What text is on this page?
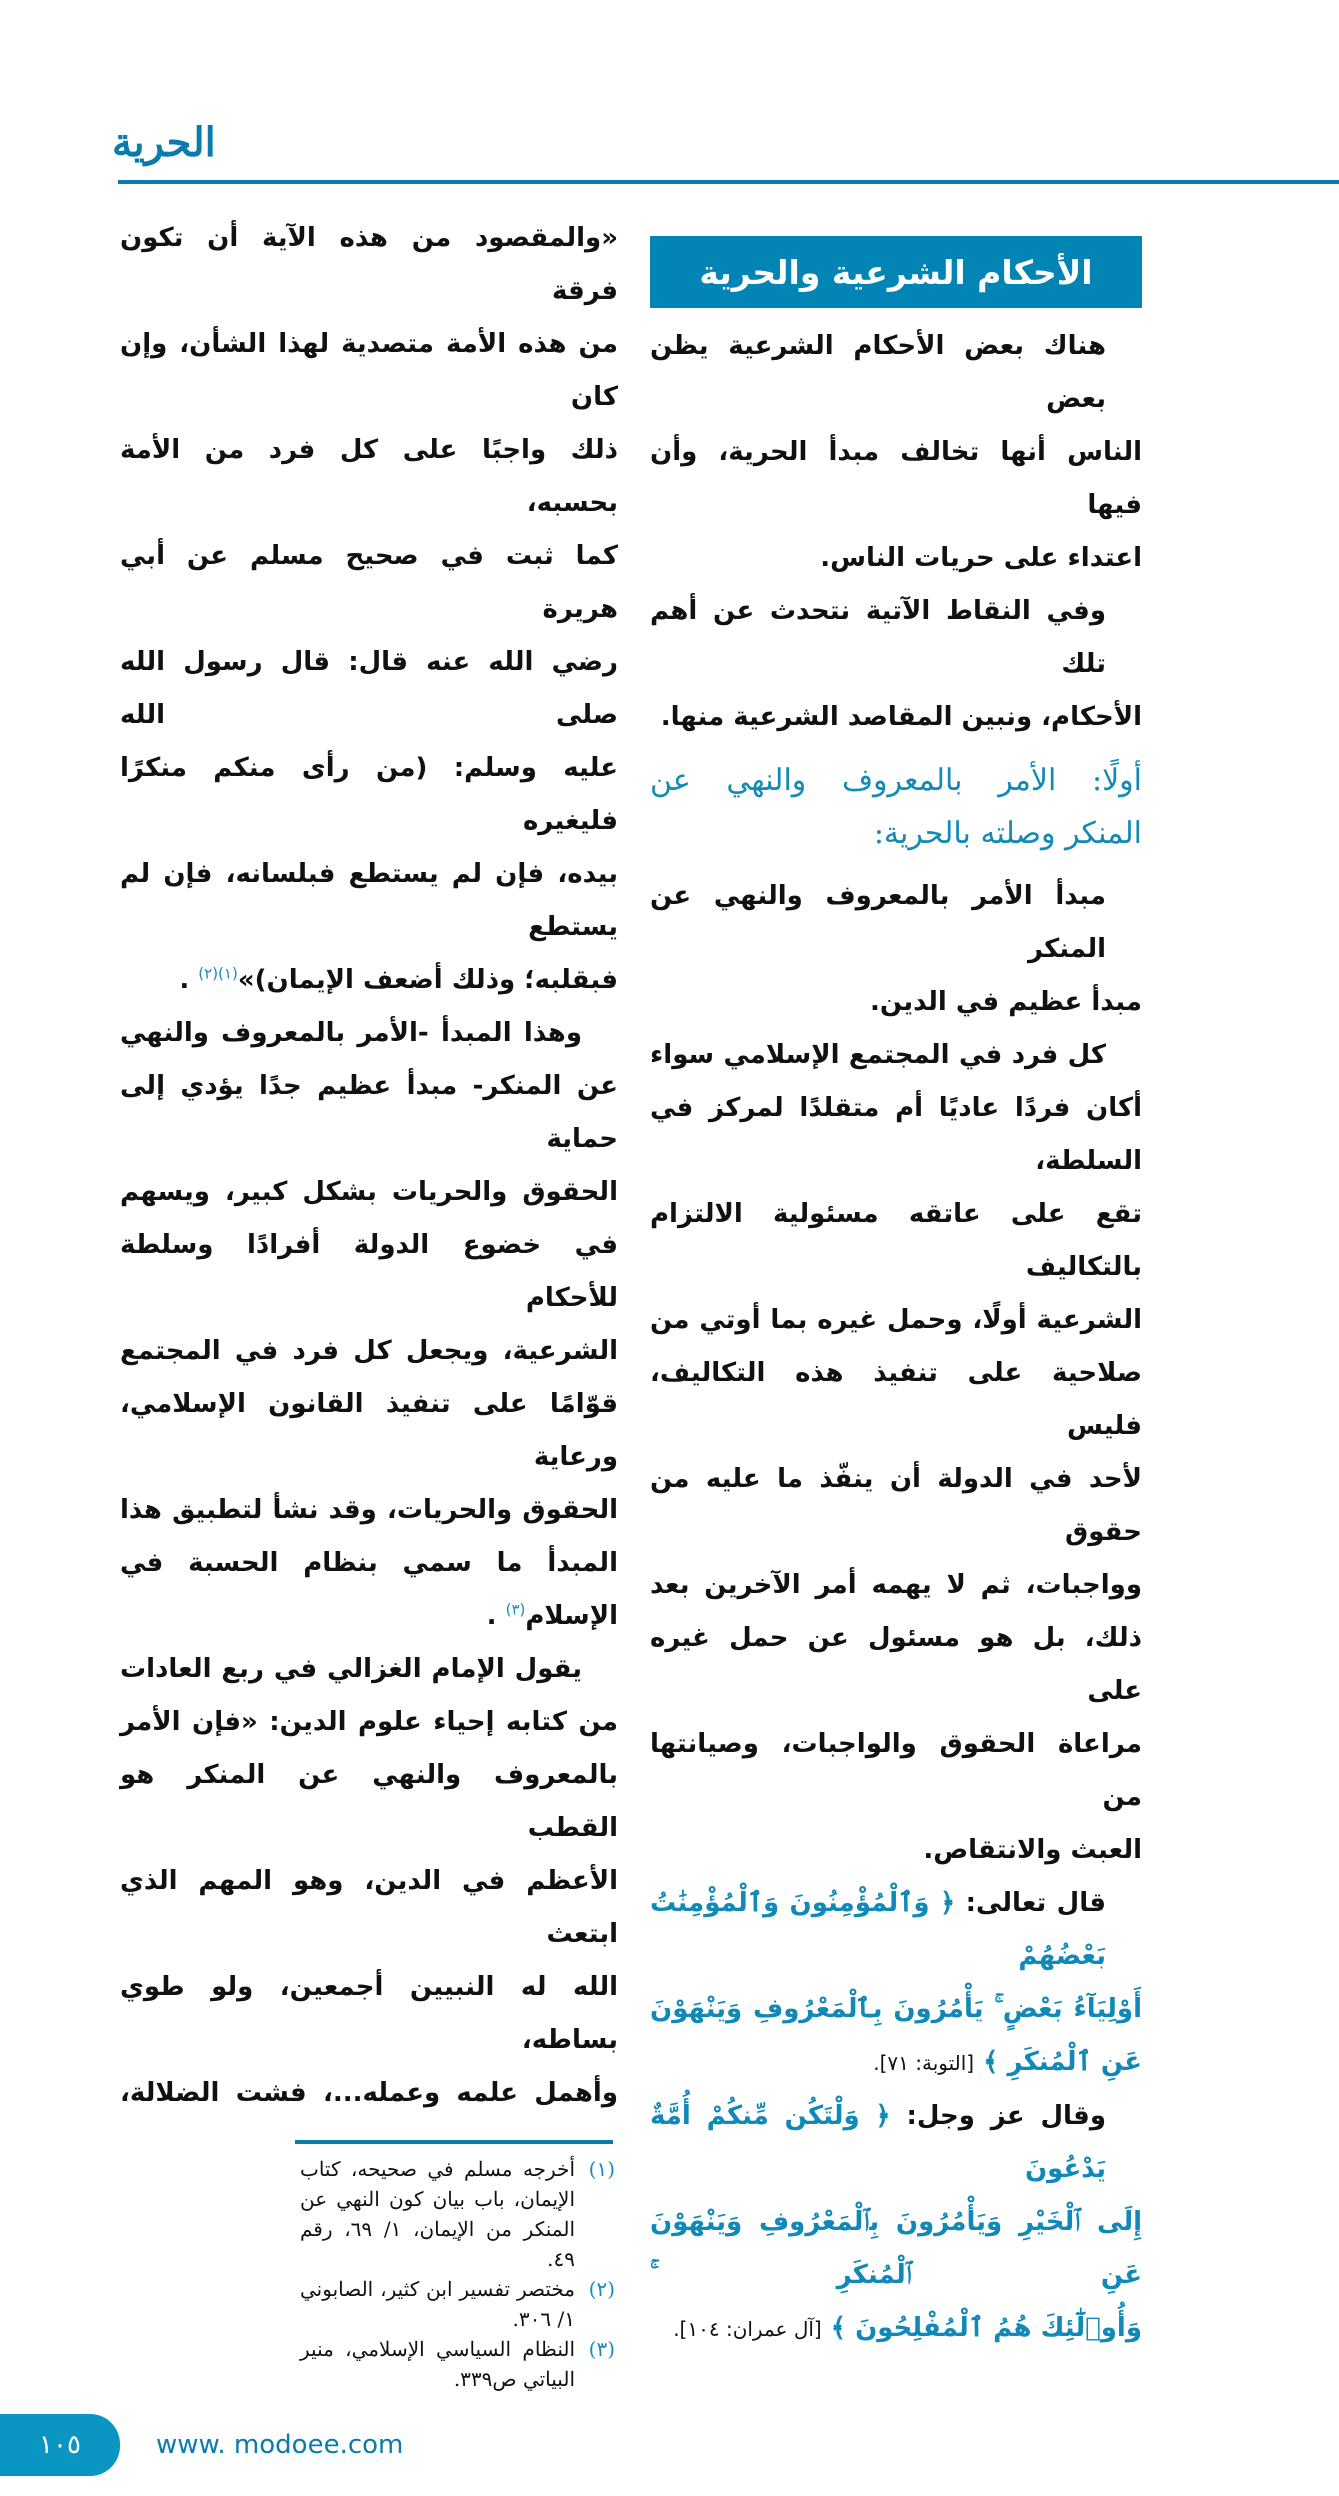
الحرية
الأحكام الشرعية والحرية
هناك بعض الأحكام الشرعية يظن بعض
الناس أنها تخالف مبدأ الحرية، وأن فيها
اعتداء على حريات الناس.
وفي النقاط الآتية نتحدث عن أهم تلك
الأحكام، ونبين المقاصد الشرعية منها.
أولًا: الأمر بالمعروف والنهي عن
المنكر وصلته بالحرية:
مبدأ الأمر بالمعروف والنهي عن المنكر
مبدأ عظيم في الدين.
كل فرد في المجتمع الإسلامي سواء
أكان فردًا عاديًا أم متقلدًا لمركز في السلطة،
تقع على عاتقه مسئولية الالتزام بالتكاليف
الشرعية أولًا، وحمل غيره بما أوتي من
صلاحية على تنفيذ هذه التكاليف، فليس
لأحد في الدولة أن ينفّذ ما عليه من حقوق
وواجبات، ثم لا يهمه أمر الآخرين بعد
ذلك، بل هو مسئول عن حمل غيره على
مراعاة الحقوق والواجبات، وصيانتها من
العبث والانتقاص.
قال تعالى: ﴿ وَٱلْمُؤْمِنُونَ وَٱلْمُؤْمِنَٰتُ بَعْضُهُمْ
أَوْلِيَآءُ بَعْضٍ ۚ يَأْمُرُونَ بِٱلْمَعْرُوفِ وَيَنْهَوْنَ
عَنِ ٱلْمُنكَرِ ﴾ [التوبة: ٧١].
وقال عز وجل: ﴿ وَلْتَكُن مِّنكُمْ أُمَّةٌ يَدْعُونَ
إِلَى ٱلْخَيْرِ وَيَأْمُرُونَ بِٱلْمَعْرُوفِ وَيَنْهَوْنَ عَنِ ٱلْمُنكَرِ ۚ
وَأُو۟لَٰٓئِكَ هُمُ ٱلْمُفْلِحُونَ ﴾ [آل عمران: ١٠٤].
«والمقصود من هذه الآية أن تكون فرقة
من هذه الأمة متصدية لهذا الشأن، وإن كان
ذلك واجبًا على كل فرد من الأمة بحسبه،
كما ثبت في صحيح مسلم عن أبي هريرة
رضي الله عنه قال: قال رسول الله صلى الله
عليه وسلم: (من رأى منكم منكرًا فليغيره
بيده، فإن لم يستطع فبلسانه، فإن لم يستطع
فبقلبه؛ وذلك أضعف الإيمان)»$^{(١)(٢)}$ .
وهذا المبدأ -الأمر بالمعروف والنهي
عن المنكر- مبدأ عظيم جدًا يؤدي إلى حماية
الحقوق والحريات بشكل كبير، ويسهم
في خضوع الدولة أفرادًا وسلطة للأحكام
الشرعية، ويجعل كل فرد في المجتمع
قوّامًا على تنفيذ القانون الإسلامي، ورعاية
الحقوق والحريات، وقد نشأ لتطبيق هذا
المبدأ ما سمي بنظام الحسبة في الإسلام$^{(٣)}$ .
يقول الإمام الغزالي في ربع العادات
من كتابه إحياء علوم الدين: «فإن الأمر
بالمعروف والنهي عن المنكر هو القطب
الأعظم في الدين، وهو المهم الذي ابتعث
الله له النبيين أجمعين، ولو طوي بساطه،
وأهمل علمه وعمله...، فشت الضلالة،
(١)
أخرجه مسلم في صحيحه، كتاب الإيمان، باب بيان كون النهي عن المنكر من الإيمان، ١/ ٦٩، رقم ٤٩.
(٢)
مختصر تفسير ابن كثير، الصابوني ١/ ٣٠٦.
(٣)
النظام السياسي الإسلامي، منير البياتي ص٣٣٩.
١٠٥	www. modoee.com
